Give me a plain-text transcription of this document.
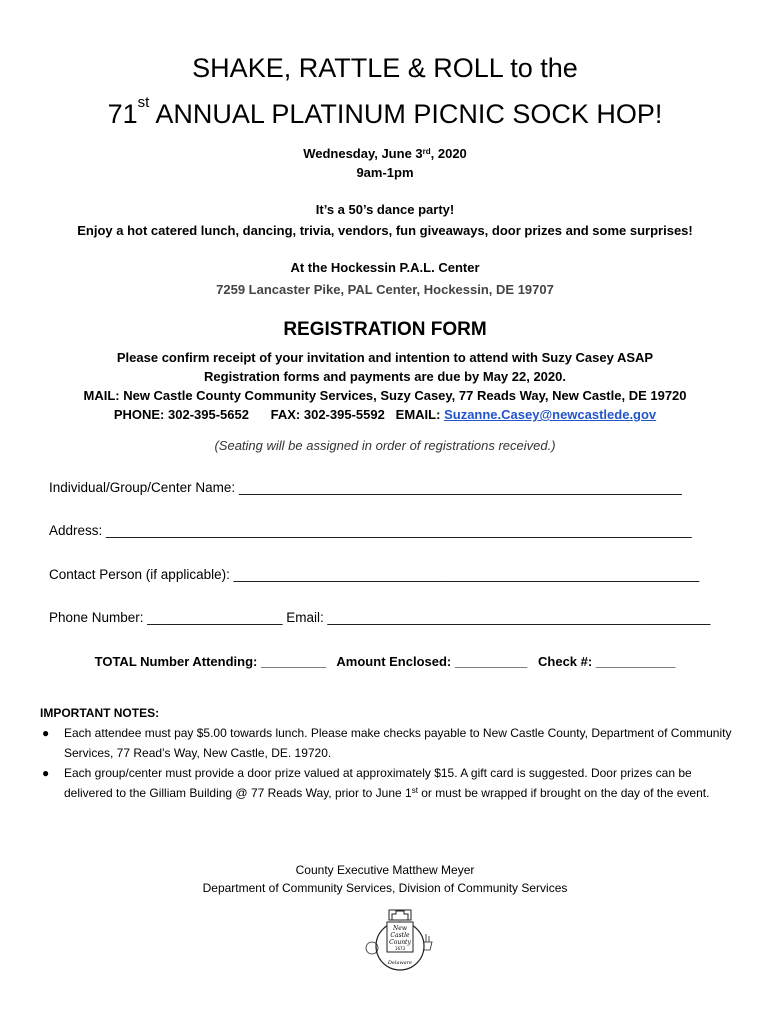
SHAKE, RATTLE & ROLL to the
71st ANNUAL PLATINUM PICNIC SOCK HOP!
Wednesday, June 3rd, 2020
9am-1pm
It’s a 50’s dance party!
Enjoy a hot catered lunch, dancing, trivia, vendors, fun giveaways, door prizes and some surprises!
At the Hockessin P.A.L. Center
7259 Lancaster Pike, PAL Center, Hockessin, DE 19707
REGISTRATION FORM
Please confirm receipt of your invitation and intention to attend with Suzy Casey ASAP
Registration forms and payments are due by May 22, 2020.
MAIL: New Castle County Community Services, Suzy Casey, 77 Reads Way, New Castle, DE 19720
PHONE: 302-395-5652 FAX: 302-395-5592 EMAIL: Suzanne.Casey@newcastlede.gov
(Seating will be assigned in order of registrations received.)
Individual/Group/Center Name: ___________________________________________________________
Address: ______________________________________________________________________________
Contact Person (if applicable): ______________________________________________________________
Phone Number: __________________ Email: ___________________________________________________
TOTAL Number Attending: _________ Amount Enclosed: __________ Check #: ___________
IMPORTANT NOTES:
● Each attendee must pay $5.00 towards lunch. Please make checks payable to New Castle County, Department of Community Services, 77 Read’s Way, New Castle, DE. 19720.
● Each group/center must provide a door prize valued at approximately $15. A gift card is suggested. Door prizes can be delivered to the Gilliam Building @ 77 Reads Way, prior to June 1st or must be wrapped if brought on the day of the event.
County Executive Matthew Meyer
Department of Community Services, Division of Community Services
New
Castle
County
1673
Delaware
